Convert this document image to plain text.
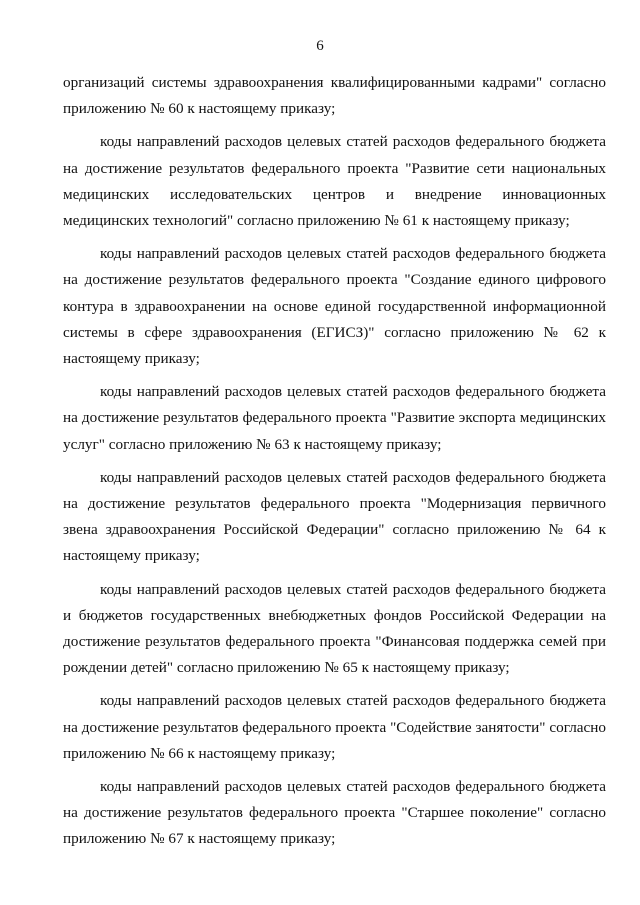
6

организаций системы здравоохранения квалифицированными кадрами" согласно приложению № 60 к настоящему приказу;

коды направлений расходов целевых статей расходов федерального бюджета на достижение результатов федерального проекта "Развитие сети национальных медицинских исследовательских центров и внедрение инновационных медицинских технологий" согласно приложению № 61 к настоящему приказу;

коды направлений расходов целевых статей расходов федерального бюджета на достижение результатов федерального проекта "Создание единого цифрового контура в здравоохранении на основе единой государственной информационной системы в сфере здравоохранения (ЕГИСЗ)" согласно приложению № 62 к настоящему приказу;

коды направлений расходов целевых статей расходов федерального бюджета на достижение результатов федерального проекта "Развитие экспорта медицинских услуг" согласно приложению № 63 к настоящему приказу;

коды направлений расходов целевых статей расходов федерального бюджета на достижение результатов федерального проекта "Модернизация первичного звена здравоохранения Российской Федерации" согласно приложению № 64 к настоящему приказу;

коды направлений расходов целевых статей расходов федерального бюджета и бюджетов государственных внебюджетных фондов Российской Федерации на достижение результатов федерального проекта "Финансовая поддержка семей при рождении детей" согласно приложению № 65 к настоящему приказу;

коды направлений расходов целевых статей расходов федерального бюджета на достижение результатов федерального проекта "Содействие занятости" согласно приложению № 66 к настоящему приказу;

коды направлений расходов целевых статей расходов федерального бюджета на достижение результатов федерального проекта "Старшее поколение" согласно приложению № 67 к настоящему приказу;
